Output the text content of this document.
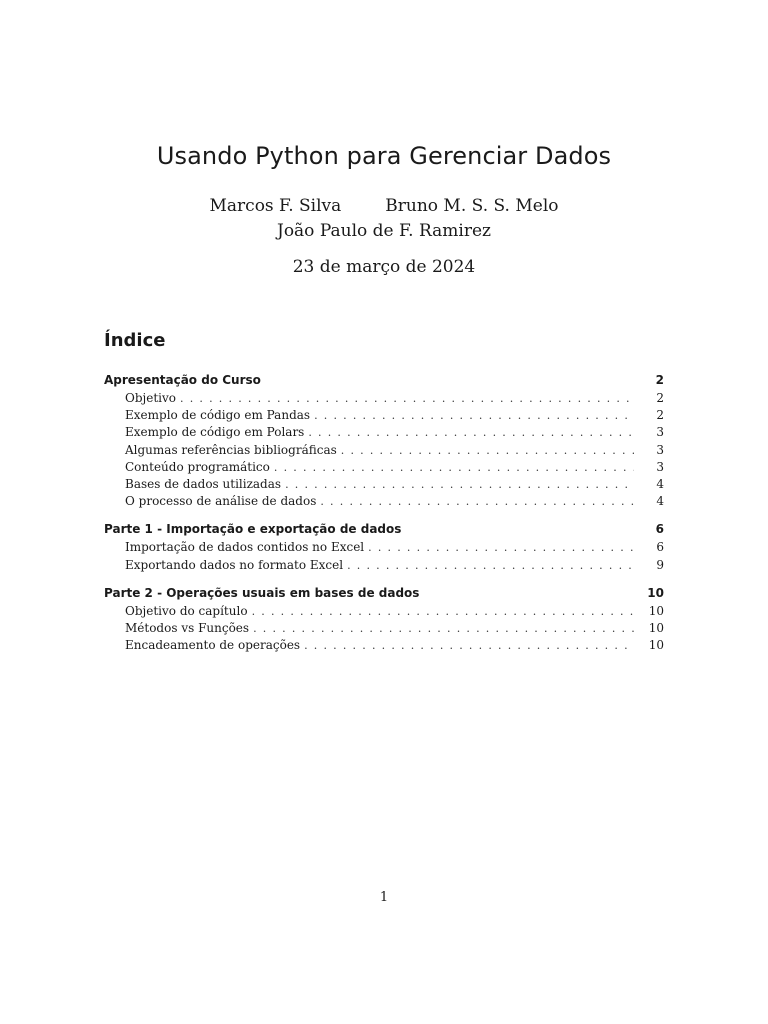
Usando Python para Gerenciar Dados
Marcos F. Silva	Bruno M. S. S. Melo
João Paulo de F. Ramirez
23 de março de 2024
Índice
Apresentação do Curso	2
Objetivo .....	2
Exemplo de código em Pandas .....	2
Exemplo de código em Polars .....	3
Algumas referências bibliográficas .....	3
Conteúdo programático .....	3
Bases de dados utilizadas .....	4
O processo de análise de dados .....	4
Parte 1 - Importação e exportação de dados	6
Importação de dados contidos no Excel .....	6
Exportando dados no formato Excel .....	9
Parte 2 - Operações usuais em bases de dados	10
Objetivo do capítulo .....	10
Métodos vs Funções .....	10
Encadeamento de operações .....	10
1
